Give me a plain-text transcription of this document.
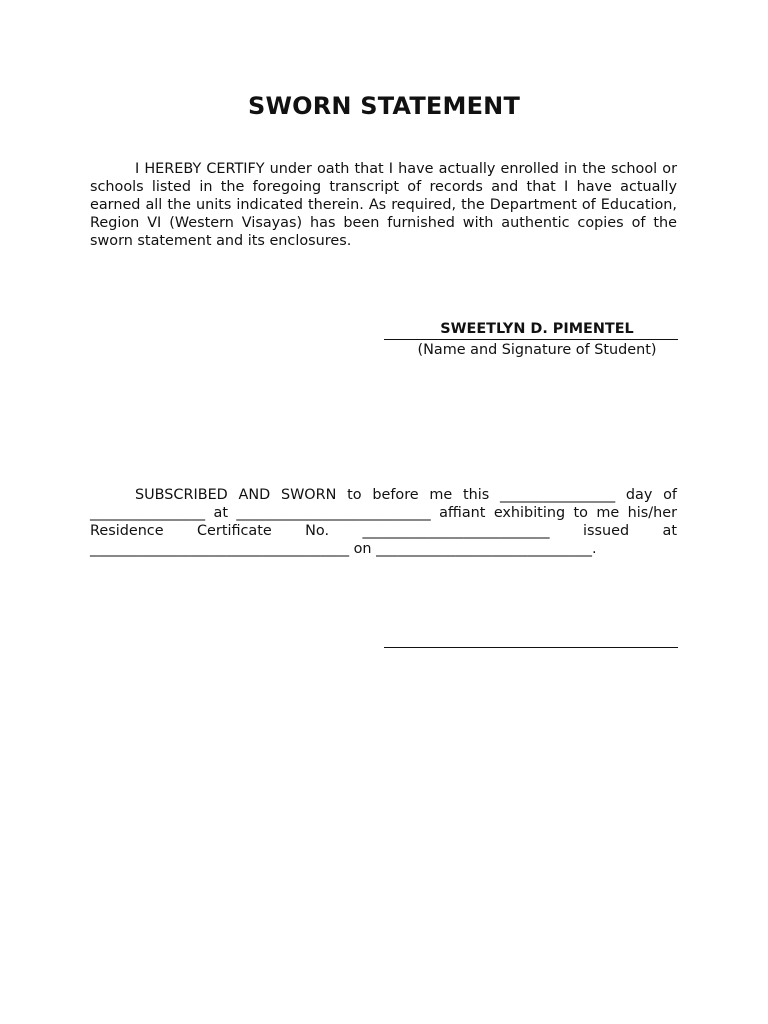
SWORN STATEMENT

I HEREBY CERTIFY under oath that I have actually enrolled in the school or schools listed in the foregoing transcript of records and that I have actually earned all the units indicated therein. As required, the Department of Education, Region VI (Western Visayas) has been furnished with authentic copies of the sworn statement and its enclosures.

SWEETLYN D. PIMENTEL
(Name and Signature of Student)
SUBSCRIBED AND SWORN to before me this ________________ day of
________________ at ___________________________ affiant exhibiting to me his/her
Residence Certificate No. __________________________ issued at
____________________________________ on ______________________________.
